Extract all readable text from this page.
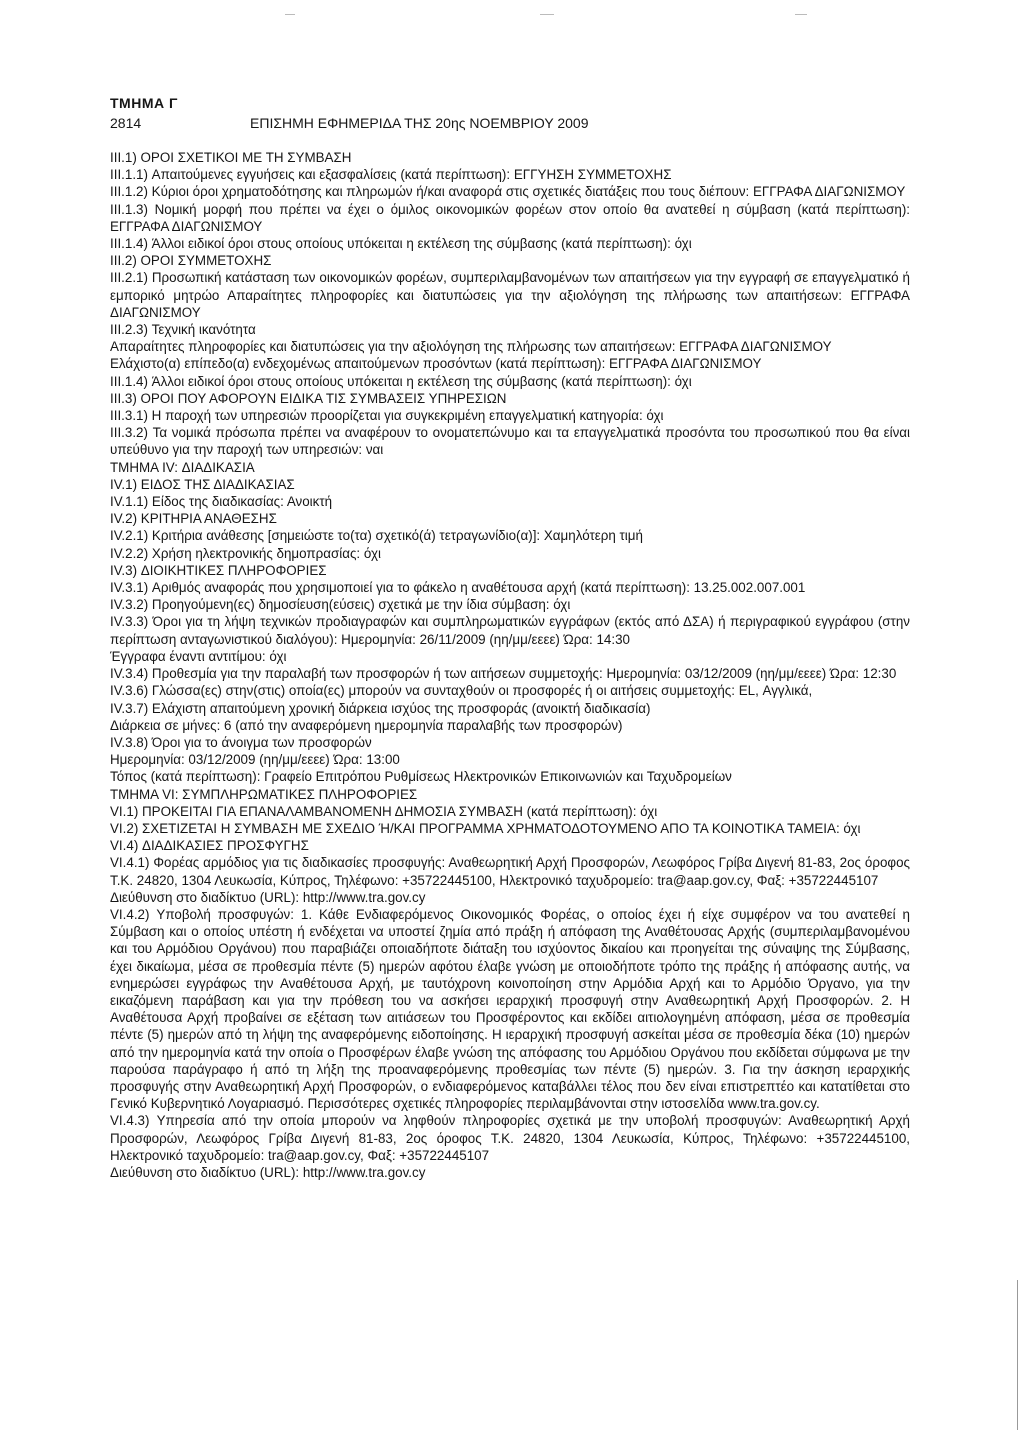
ΤΜΗΜΑ Γ
2814	ΕΠΙΣΗΜΗ ΕΦΗΜΕΡΙΔΑ ΤΗΣ 20ης ΝΟΕΜΒΡΙΟΥ 2009

III.1) ΟΡΟΙ ΣΧΕΤΙΚΟΙ ΜΕ ΤΗ ΣΥΜΒΑΣΗ

III.1.1) Απαιτούμενες εγγυήσεις και εξασφαλίσεις (κατά περίπτωση): ΕΓΓΥΗΣΗ ΣΥΜΜΕΤΟΧΗΣ

III.1.2) Κύριοι όροι χρηματοδότησης και πληρωμών ή/και αναφορά στις σχετικές διατάξεις που τους διέπουν: ΕΓΓΡΑΦΑ ΔΙΑΓΩΝΙΣΜΟΥ

III.1.3) Νομική μορφή που πρέπει να έχει ο όμιλος οικονομικών φορέων στον οποίο θα ανατεθεί η σύμβαση (κατά περίπτωση): ΕΓΓΡΑΦΑ ΔΙΑΓΩΝΙΣΜΟΥ

III.1.4) Άλλοι ειδικοί όροι στους οποίους υπόκειται η εκτέλεση της σύμβασης (κατά περίπτωση): όχι

III.2) ΟΡΟΙ ΣΥΜΜΕΤΟΧΗΣ

III.2.1) Προσωπική κατάσταση των οικονομικών φορέων, συμπεριλαμβανομένων των απαιτήσεων για την εγγραφή σε επαγγελματικό ή εμπορικό μητρώο Απαραίτητες πληροφορίες και διατυπώσεις για την αξιολόγηση της πλήρωσης των απαιτήσεων: ΕΓΓΡΑΦΑ ΔΙΑΓΩΝΙΣΜΟΥ

III.2.3) Τεχνική ικανότητα

Απαραίτητες πληροφορίες και διατυπώσεις για την αξιολόγηση της πλήρωσης των απαιτήσεων: ΕΓΓΡΑΦΑ ΔΙΑΓΩΝΙΣΜΟΥ

Ελάχιστο(α) επίπεδο(α) ενδεχομένως απαιτούμενων προσόντων (κατά περίπτωση): ΕΓΓΡΑΦΑ ΔΙΑΓΩΝΙΣΜΟΥ

III.1.4) Άλλοι ειδικοί όροι στους οποίους υπόκειται η εκτέλεση της σύμβασης (κατά περίπτωση): όχι

III.3) ΟΡΟΙ ΠΟΥ ΑΦΟΡΟΥΝ ΕΙΔΙΚΑ ΤΙΣ ΣΥΜΒΑΣΕΙΣ ΥΠΗΡΕΣΙΩΝ

III.3.1) Η παροχή των υπηρεσιών προορίζεται για συγκεκριμένη επαγγελματική κατηγορία: όχι

III.3.2) Τα νομικά πρόσωπα πρέπει να αναφέρουν το ονοματεπώνυμο και τα επαγγελματικά προσόντα του προσωπικού που θα είναι υπεύθυνο για την παροχή των υπηρεσιών: ναι

ΤΜΗΜΑ IV: ΔΙΑΔΙΚΑΣΙΑ

IV.1) ΕΙΔΟΣ ΤΗΣ ΔΙΑΔΙΚΑΣΙΑΣ

IV.1.1) Είδος της διαδικασίας: Ανοικτή

IV.2) ΚΡΙΤΗΡΙΑ ΑΝΑΘΕΣΗΣ

IV.2.1) Κριτήρια ανάθεσης [σημειώστε το(τα) σχετικό(ά) τετραγωνίδιο(α)]: Χαμηλότερη τιμή

IV.2.2) Χρήση ηλεκτρονικής δημοπρασίας: όχι

IV.3) ΔΙΟΙΚΗΤΙΚΕΣ ΠΛΗΡΟΦΟΡΙΕΣ

IV.3.1) Αριθμός αναφοράς που χρησιμοποιεί για το φάκελο η αναθέτουσα αρχή (κατά περίπτωση): 13.25.002.007.001

IV.3.2) Προηγούμενη(ες) δημοσίευση(εύσεις) σχετικά με την ίδια σύμβαση: όχι

IV.3.3) Όροι για τη λήψη τεχνικών προδιαγραφών και συμπληρωματικών εγγράφων (εκτός από ΔΣΑ) ή περιγραφικού εγγράφου (στην περίπτωση ανταγωνιστικού διαλόγου): Ημερομηνία: 26/11/2009 (ηη/μμ/εεεε) Ώρα: 14:30

Έγγραφα έναντι αντιτίμου: όχι

IV.3.4) Προθεσμία για την παραλαβή των προσφορών ή των αιτήσεων συμμετοχής: Ημερομηνία: 03/12/2009 (ηη/μμ/εεεε) Ώρα: 12:30

IV.3.6) Γλώσσα(ες) στην(στις) οποία(ες) μπορούν να συνταχθούν οι προσφορές ή οι αιτήσεις συμμετοχής: EL, Αγγλικά,

IV.3.7) Ελάχιστη απαιτούμενη χρονική διάρκεια ισχύος της προσφοράς (ανοικτή διαδικασία)

Διάρκεια σε μήνες: 6 (από την αναφερόμενη ημερομηνία παραλαβής των προσφορών)

IV.3.8) Όροι για το άνοιγμα των προσφορών

Ημερομηνία: 03/12/2009 (ηη/μμ/εεεε) Ώρα: 13:00

Τόπος (κατά περίπτωση): Γραφείο Επιτρόπου Ρυθμίσεως Ηλεκτρονικών Επικοινωνιών και Ταχυδρομείων

ΤΜΗΜΑ VI: ΣΥΜΠΛΗΡΩΜΑΤΙΚΕΣ ΠΛΗΡΟΦΟΡΙΕΣ

VI.1) ΠΡΟΚΕΙΤΑΙ ΓΙΑ ΕΠΑΝΑΛΑΜΒΑΝΟΜΕΝΗ ΔΗΜΟΣΙΑ ΣΥΜΒΑΣΗ (κατά περίπτωση): όχι

VI.2) ΣΧΕΤΙΖΕΤΑΙ Η ΣΥΜΒΑΣΗ ΜΕ ΣΧΕΔΙΟ Ή/ΚΑΙ ΠΡΟΓΡΑΜΜΑ ΧΡΗΜΑΤΟΔΟΤΟΥΜΕΝΟ ΑΠΟ ΤΑ ΚΟΙΝΟΤΙΚΑ ΤΑΜΕΙΑ: όχι

VI.4) ΔΙΑΔΙΚΑΣΙΕΣ ΠΡΟΣΦΥΓΗΣ

VI.4.1) Φορέας αρμόδιος για τις διαδικασίες προσφυγής: Αναθεωρητική Αρχή Προσφορών, Λεωφόρος Γρίβα Διγενή 81-83, 2ος όροφος Τ.Κ. 24820, 1304 Λευκωσία, Κύπρος, Τηλέφωνο: +35722445100, Ηλεκτρονικό ταχυδρομείο: tra@aap.gov.cy, Φαξ: +35722445107

Διεύθυνση στο διαδίκτυο (URL): http://www.tra.gov.cy

VI.4.2) Υποβολή προσφυγών: 1. Κάθε Ενδιαφερόμενος Οικονομικός Φορέας, ο οποίος έχει ή είχε συμφέρον να του ανατεθεί η Σύμβαση και ο οποίος υπέστη ή ενδέχεται να υποστεί ζημία από πράξη ή απόφαση της Αναθέτουσας Αρχής (συμπεριλαμβανομένου και του Αρμόδιου Οργάνου) που παραβιάζει οποιαδήποτε διάταξη του ισχύοντος δικαίου και προηγείται της σύναψης της Σύμβασης, έχει δικαίωμα, μέσα σε προθεσμία πέντε (5) ημερών αφότου έλαβε γνώση με οποιοδήποτε τρόπο της πράξης ή απόφασης αυτής, να ενημερώσει εγγράφως την Αναθέτουσα Αρχή, με ταυτόχρονη κοινοποίηση στην Αρμόδια Αρχή και το Αρμόδιο Όργανο, για την εικαζόμενη παράβαση και για την πρόθεση του να ασκήσει ιεραρχική προσφυγή στην Αναθεωρητική Αρχή Προσφορών. 2. Η Αναθέτουσα Αρχή προβαίνει σε εξέταση των αιτιάσεων του Προσφέροντος και εκδίδει αιτιολογημένη απόφαση, μέσα σε προθεσμία πέντε (5) ημερών από τη λήψη της αναφερόμενης ειδοποίησης. Η ιεραρχική προσφυγή ασκείται μέσα σε προθεσμία δέκα (10) ημερών από την ημερομηνία κατά την οποία ο Προσφέρων έλαβε γνώση της απόφασης του Αρμόδιου Οργάνου που εκδίδεται σύμφωνα με την παρούσα παράγραφο ή από τη λήξη της προαναφερόμενης προθεσμίας των πέντε (5) ημερών. 3. Για την άσκηση ιεραρχικής προσφυγής στην Αναθεωρητική Αρχή Προσφορών, ο ενδιαφερόμενος καταβάλλει τέλος που δεν είναι επιστρεπτέο και κατατίθεται στο Γενικό Κυβερνητικό Λογαριασμό. Περισσότερες σχετικές πληροφορίες περιλαμβάνονται στην ιστοσελίδα www.tra.gov.cy.

VI.4.3) Υπηρεσία από την οποία μπορούν να ληφθούν πληροφορίες σχετικά με την υποβολή προσφυγών: Αναθεωρητική Αρχή Προσφορών, Λεωφόρος Γρίβα Διγενή 81-83, 2ος όροφος Τ.Κ. 24820, 1304 Λευκωσία, Κύπρος, Τηλέφωνο: +35722445100, Ηλεκτρονικό ταχυδρομείο: tra@aap.gov.cy, Φαξ: +35722445107

Διεύθυνση στο διαδίκτυο (URL): http://www.tra.gov.cy
